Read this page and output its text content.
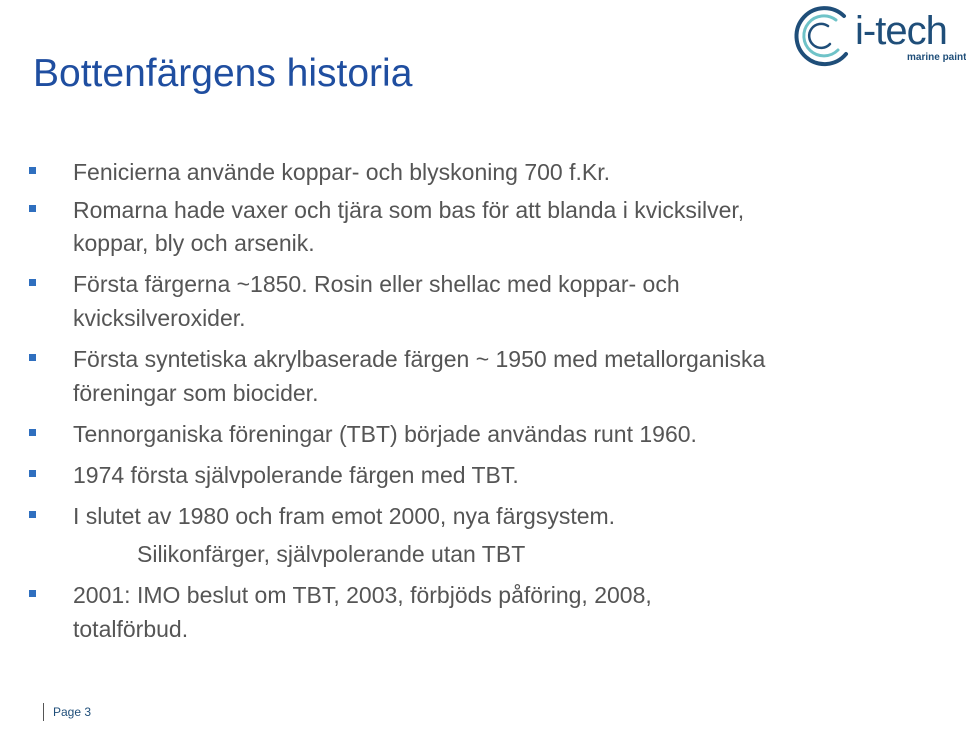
Bottenfärgens historia
i-tech
marine paint
Fenicierna använde koppar- och blyskoning 700 f.Kr.
Romarna hade vaxer och tjära som bas för att blanda i kvicksilver,
koppar, bly och arsenik.
Första färgerna ~1850. Rosin eller shellac med koppar- och
kvicksilveroxider.
Första syntetiska akrylbaserade färgen ~ 1950 med metallorganiska
föreningar som biocider.
Tennorganiska föreningar (TBT) började användas runt 1960.
1974 första självpolerande färgen med TBT.
I slutet av 1980 och fram emot 2000, nya färgsystem.
Silikonfärger, självpolerande utan TBT
2001: IMO beslut om TBT, 2003, förbjöds påföring, 2008,
totalförbud.
Page 3
